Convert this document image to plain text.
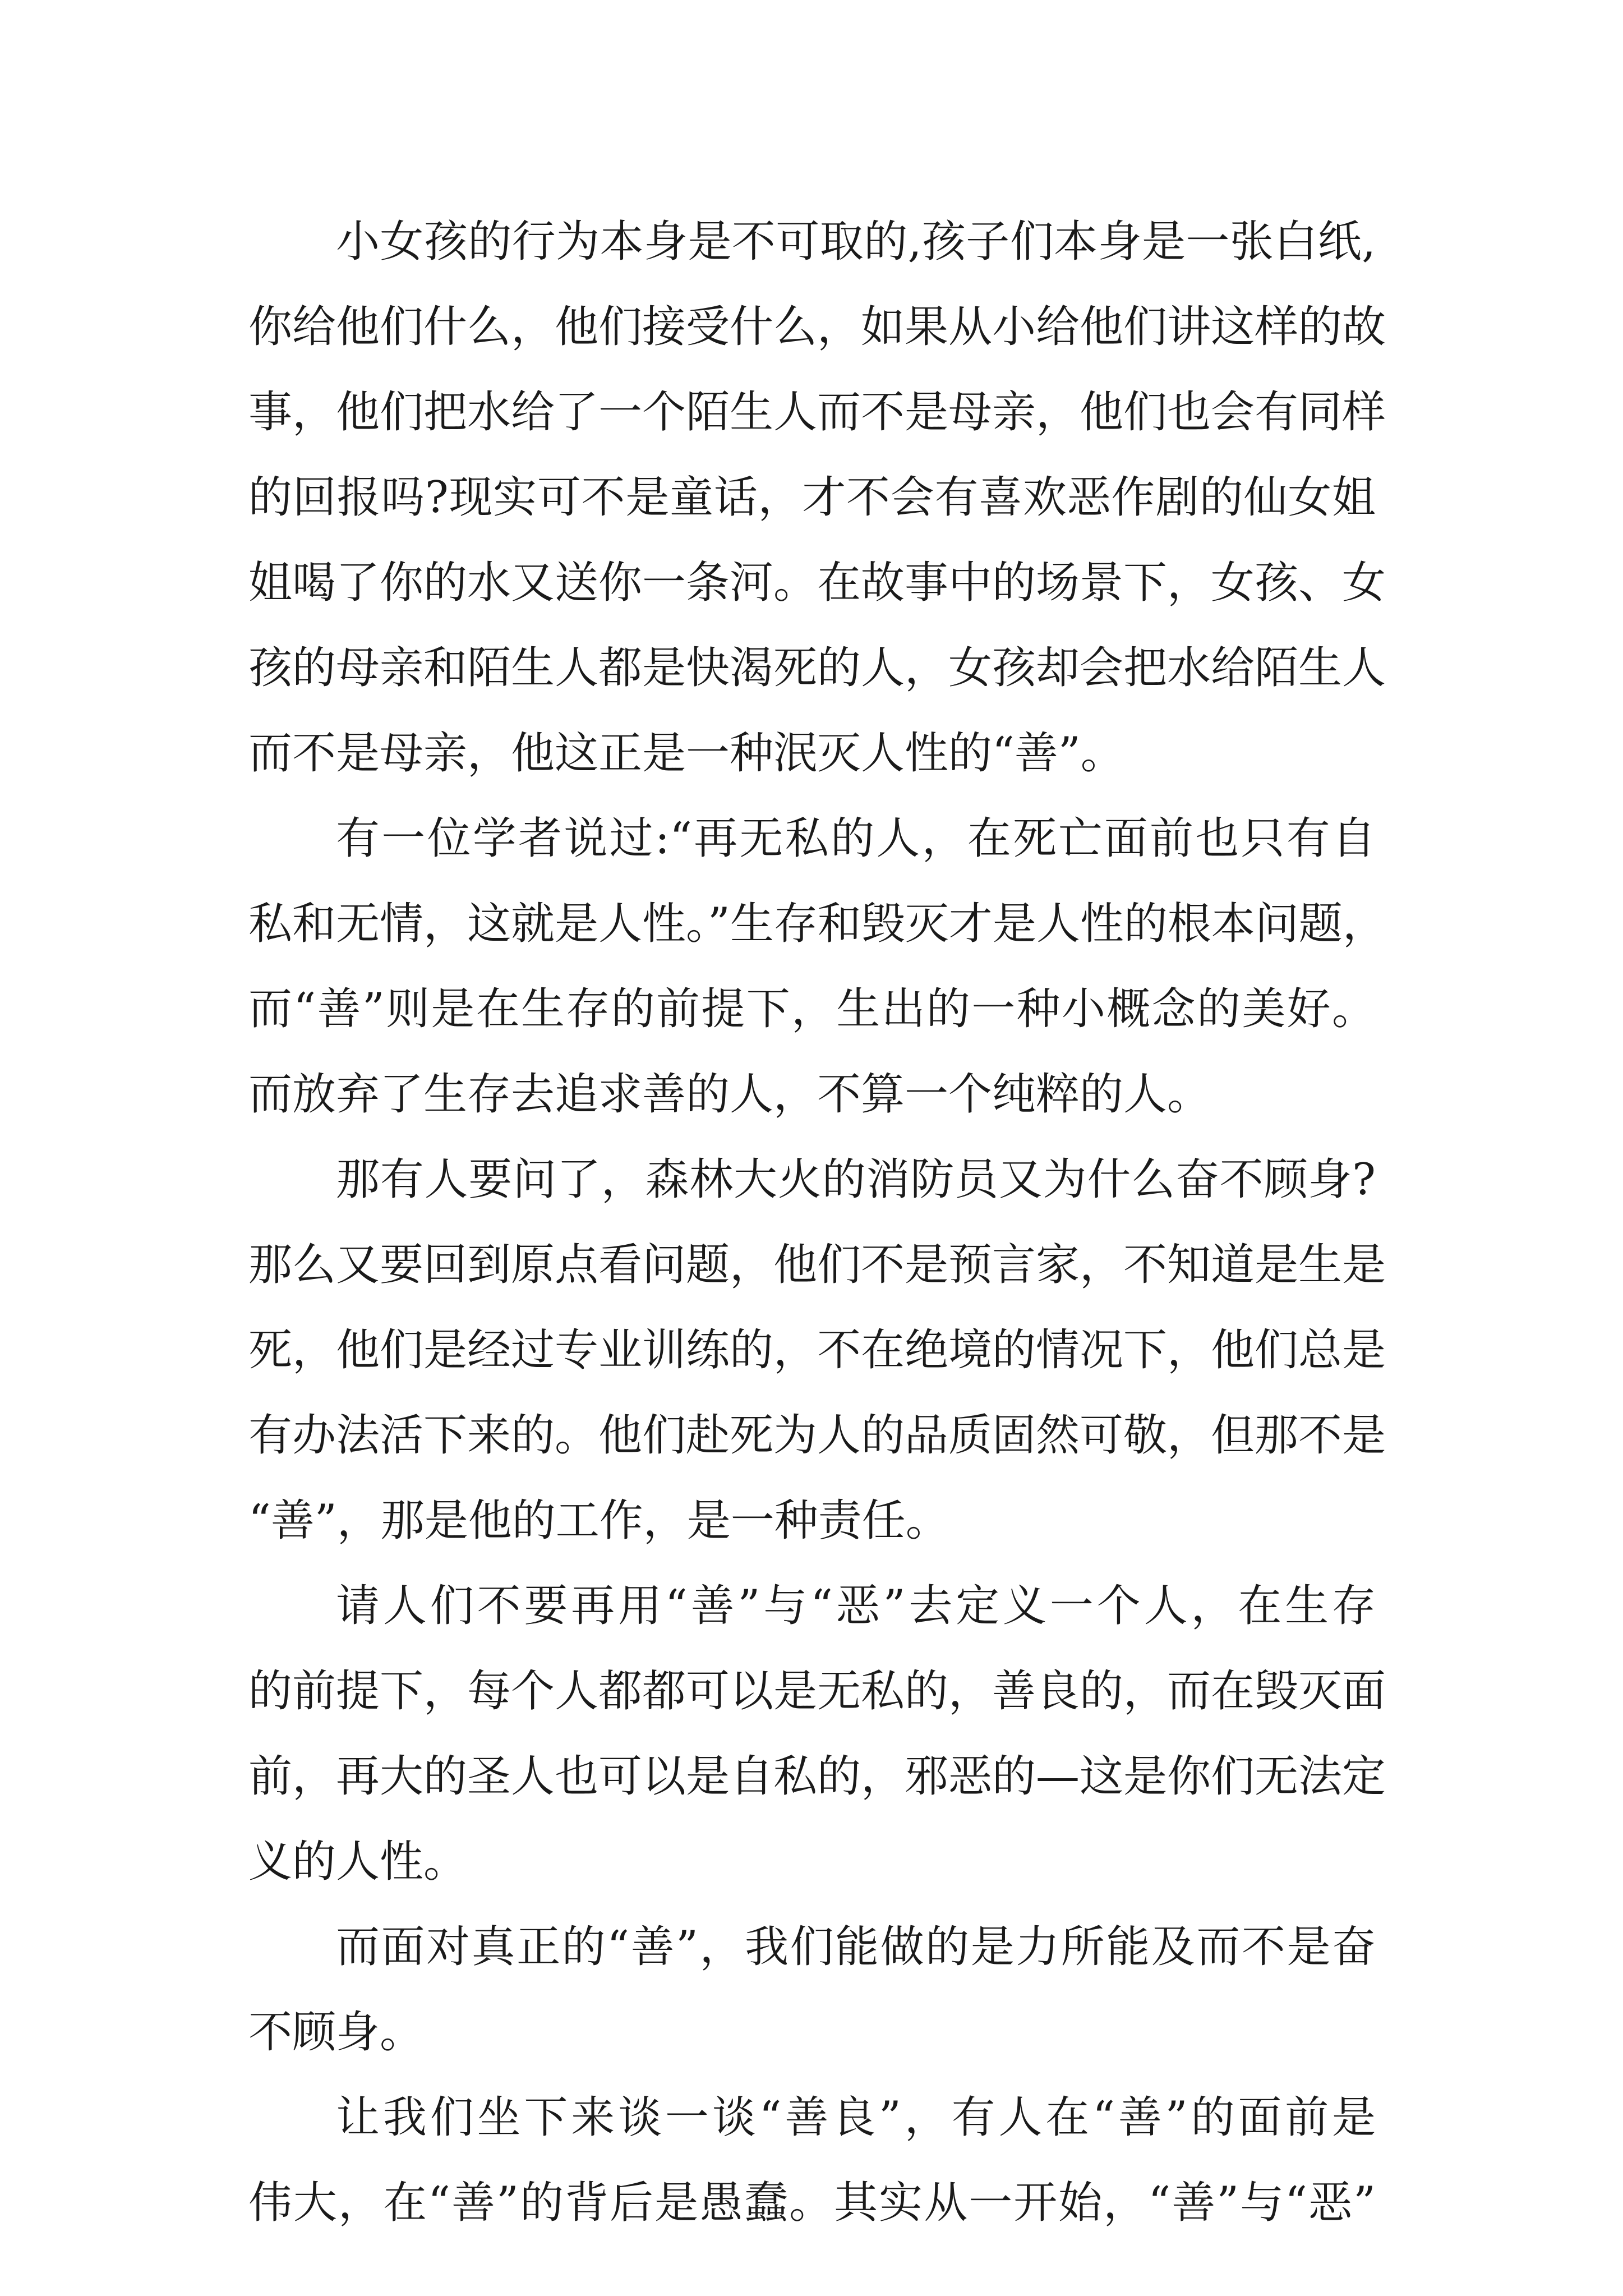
小女孩的行为本身是不可取的,孩子们本身是一张白纸,
你给他们什么，他们接受什么，如果从小给他们讲这样的故
事，他们把水给了一个陌生人而不是母亲，他们也会有同样
的回报吗?现实可不是童话，才不会有喜欢恶作剧的仙女姐
姐喝了你的水又送你一条河。在故事中的场景下，女孩、女
孩的母亲和陌生人都是快渴死的人，女孩却会把水给陌生人
而不是母亲，他这正是一种泯灭人性的“善”。
有一位学者说过:“再无私的人，在死亡面前也只有自
私和无情，这就是人性。”生存和毁灭才是人性的根本问题，
而“善”则是在生存的前提下，生出的一种小概念的美好。
而放弃了生存去追求善的人，不算一个纯粹的人。
那有人要问了，森林大火的消防员又为什么奋不顾身?
那么又要回到原点看问题，他们不是预言家，不知道是生是
死，他们是经过专业训练的，不在绝境的情况下，他们总是
有办法活下来的。他们赴死为人的品质固然可敬，但那不是
“善”，那是他的工作，是一种责任。
请人们不要再用“善”与“恶”去定义一个人，在生存
的前提下，每个人都都可以是无私的，善良的，而在毁灭面
前，再大的圣人也可以是自私的，邪恶的—这是你们无法定
义的人性。
而面对真正的“善”，我们能做的是力所能及而不是奋
不顾身。
让我们坐下来谈一谈“善良”，有人在“善”的面前是
伟大，在“善”的背后是愚蠢。其实从一开始，“善”与“恶”
